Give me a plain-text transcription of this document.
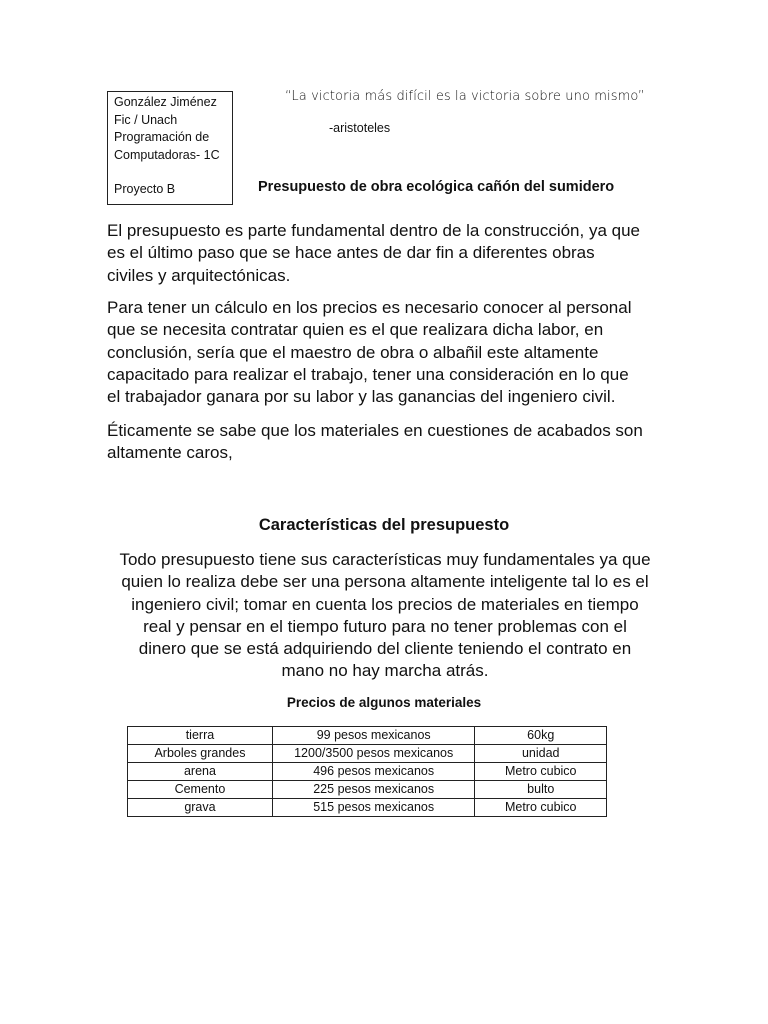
González Jiménez
Fic / Unach
Programación de
Computadoras- 1C
Proyecto B
“La victoria más difícil es la victoria sobre uno mismo”
-aristoteles
Presupuesto de obra ecológica cañón del sumidero
El presupuesto es parte fundamental dentro de la construcción, ya que
es el último paso que se hace antes de dar fin a diferentes obras
civiles y arquitectónicas.
Para tener un cálculo en los precios es necesario conocer al personal
que se necesita contratar quien es el que realizara dicha labor, en
conclusión, sería que el maestro de obra o albañil este altamente
capacitado para realizar el trabajo, tener una consideración en lo que
el trabajador ganara por su labor y las ganancias del ingeniero civil.
Éticamente se sabe que los materiales en cuestiones de acabados son
altamente caros,
Características del presupuesto
Todo presupuesto tiene sus características muy fundamentales ya que
quien lo realiza debe ser una persona altamente inteligente tal lo es el
ingeniero civil; tomar en cuenta los precios de materiales en tiempo
real y pensar en el tiempo futuro para no tener problemas con el
dinero que se está adquiriendo del cliente teniendo el contrato en
mano no hay marcha atrás.
Precios de algunos materiales
tierra	99 pesos mexicanos	60kg
Arboles grandes	1200/3500 pesos mexicanos	unidad
arena	496 pesos mexicanos	Metro cubico
Cemento	225 pesos mexicanos	bulto
grava	515 pesos mexicanos	Metro cubico
